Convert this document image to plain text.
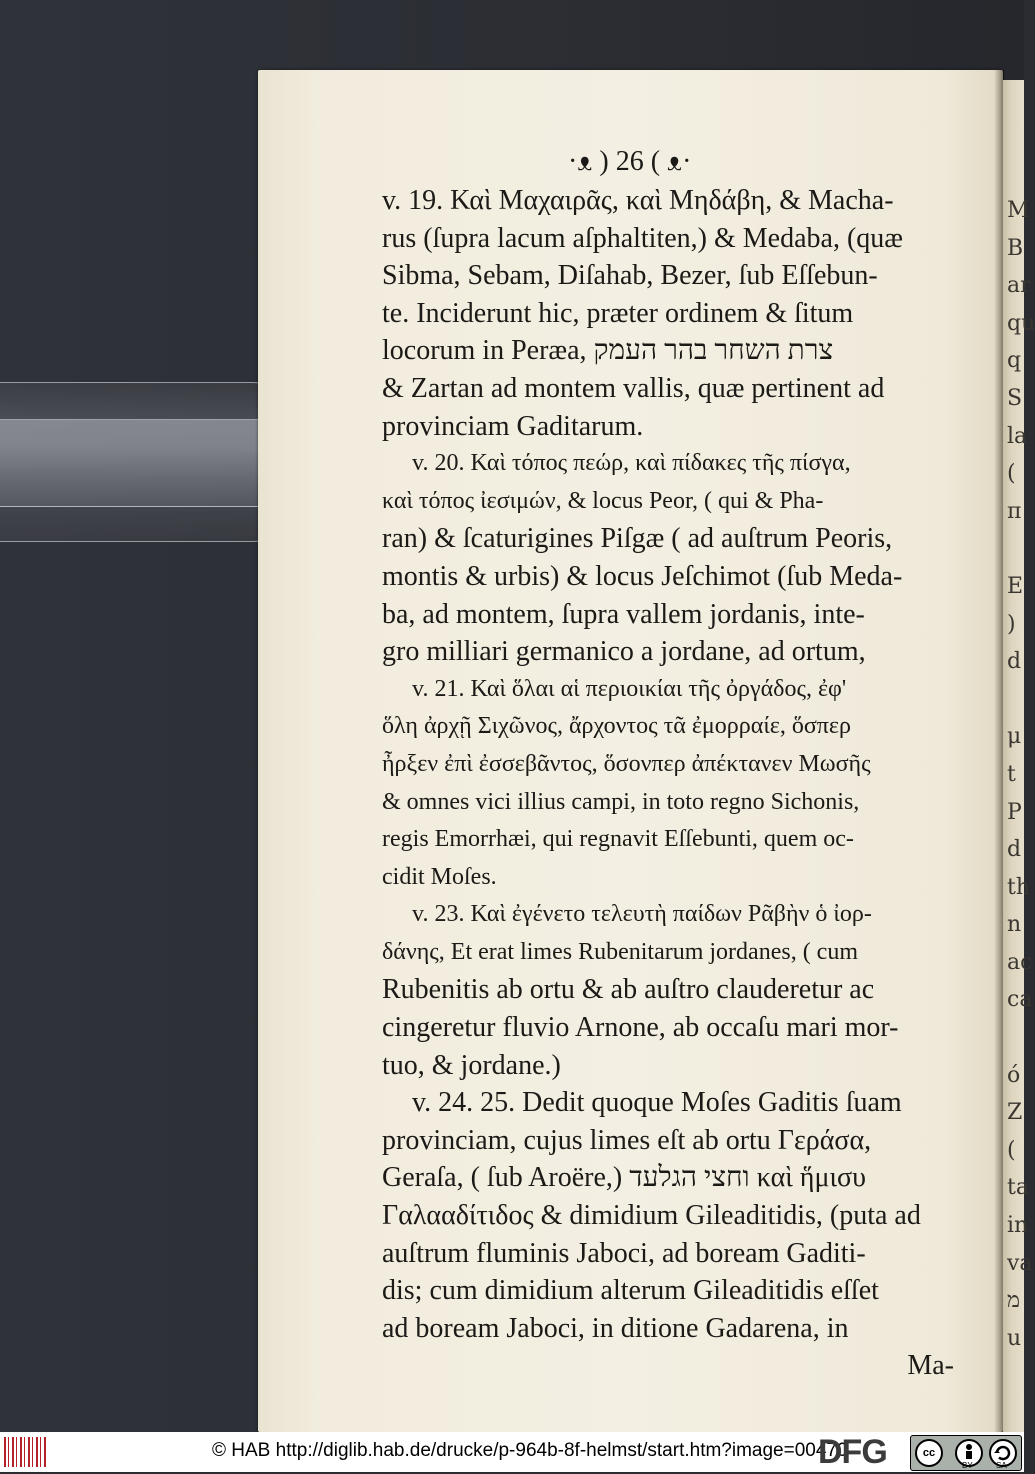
M
B
ar
qu
q
S
la
(
π

E
)
d

μ
t
P
d
th
n
ac
ca

ό
Z
(
ta
in
va
מ
u
·ᴥ ) 26 ( ᴥ·
v. 19. Καὶ Μαχαιρᾶς, καὶ Μηδάβη, & Macha-
rus (ſupra lacum aſphaltiten,) & Medaba, (quæ
Sibma, Sebam, Diſahab, Bezer, ſub Eſſebun-
te. Inciderunt hic, præter ordinem & ſitum
locorum in Peræa, צרת השחר בהר העמק
& Zartan ad montem vallis, quæ pertinent ad
provinciam Gaditarum.
v. 20. Καὶ τόπος πεώρ, καὶ πίδακες τῆς πίσγα,
καὶ τόπος ἰεσιμών, & locus Peor, ( qui & Pha-
ran) & ſcaturigines Piſgæ ( ad auſtrum Peoris,
montis & urbis) & locus Jeſchimot (ſub Meda-
ba, ad montem, ſupra vallem jordanis, inte-
gro milliari germanico a jordane, ad ortum,
v. 21. Καὶ ὅλαι αἱ περιοικίαι τῆς ὀργάδος, ἐφ'
ὅλη ἀρχῇ Σιχῶνος, ἄρχοντος τᾶ ἐμορραίε, ὅσπερ
ἦρξεν ἐπὶ ἐσσεβᾶντος, ὅσονπερ ἀπέκτανεν Μωσῆς
& omnes vici illius campi, in toto regno Sichonis,
regis Emorrhæi, qui regnavit Eſſebunti, quem oc-
cidit Moſes.
v. 23. Καὶ ἐγένετο τελευτὴ παίδων Ρᾶβὴν ὁ ἰορ-
δάνης, Et erat limes Rubenitarum jordanes, ( cum
Rubenitis ab ortu & ab auſtro clauderetur ac
cingeretur fluvio Arnone, ab occaſu mari mor-
tuo, & jordane.)
v. 24. 25. Dedit quoque Moſes Gaditis ſuam
provinciam, cujus limes eſt ab ortu Γεράσα,
Geraſa, ( ſub Aroëre,) וחצי הגלעד καὶ ἥμισυ
Γαλααδίτιδος & dimidium Gileaditidis, (puta ad
auſtrum fluminis Jaboci, ad boream Gaditi-
dis; cum dimidium alterum Gileaditidis eſſet
ad boream Jaboci, in ditione Gadarena, in
Ma-
© HAB http://diglib.hab.de/drucke/p-964b-8f-helmst/start.htm?image=00470
DFG	cc
BY	SA
